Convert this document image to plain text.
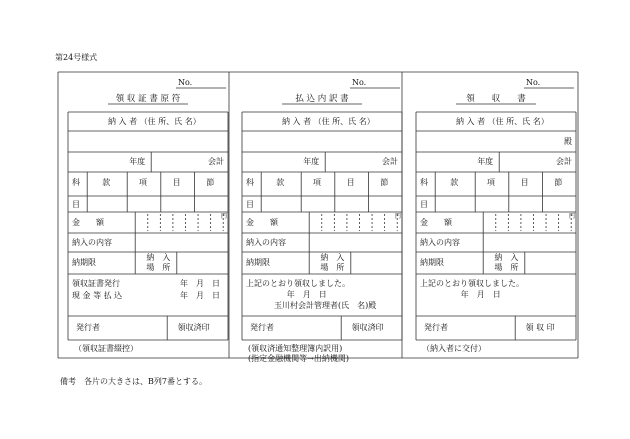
第24号様式
No.
領 収 証 書 原 符
納 入 者 （住 所、氏 名）
年度	会計
科	款	項	目	節
目
金　　額
円
納入の内容
納期限
納　入
場　所
領収証書発行	年　月　日
現 金 等 払 込	年　月　日
発行者	領収済印
（領収証書綴控）
No.
払 込 内 訳 書
納 入 者 （住 所、氏 名）
年度	会計
科	款	項	目	節
目
金　　額
円
納入の内容
納期限
納　入
場　所
上記のとおり領収しました。
年　月　日
玉川村会計管理者(氏　名)殿
発行者	領収済印
(領収済通知整理簿内訳用)
(指定金融機関等→出納機関)
No.
領　　収　　書
納 入 者 （住 所、氏 名）
殿
年度	会計
科	款	項	目	節
目
金　　額
円
納入の内容
納期限
納　入
場　所
上記のとおり領収しました。
年　月　日
発行者	領 収 印
（納入者に交付）
備考　各片の大きさは、B列7番とする。
